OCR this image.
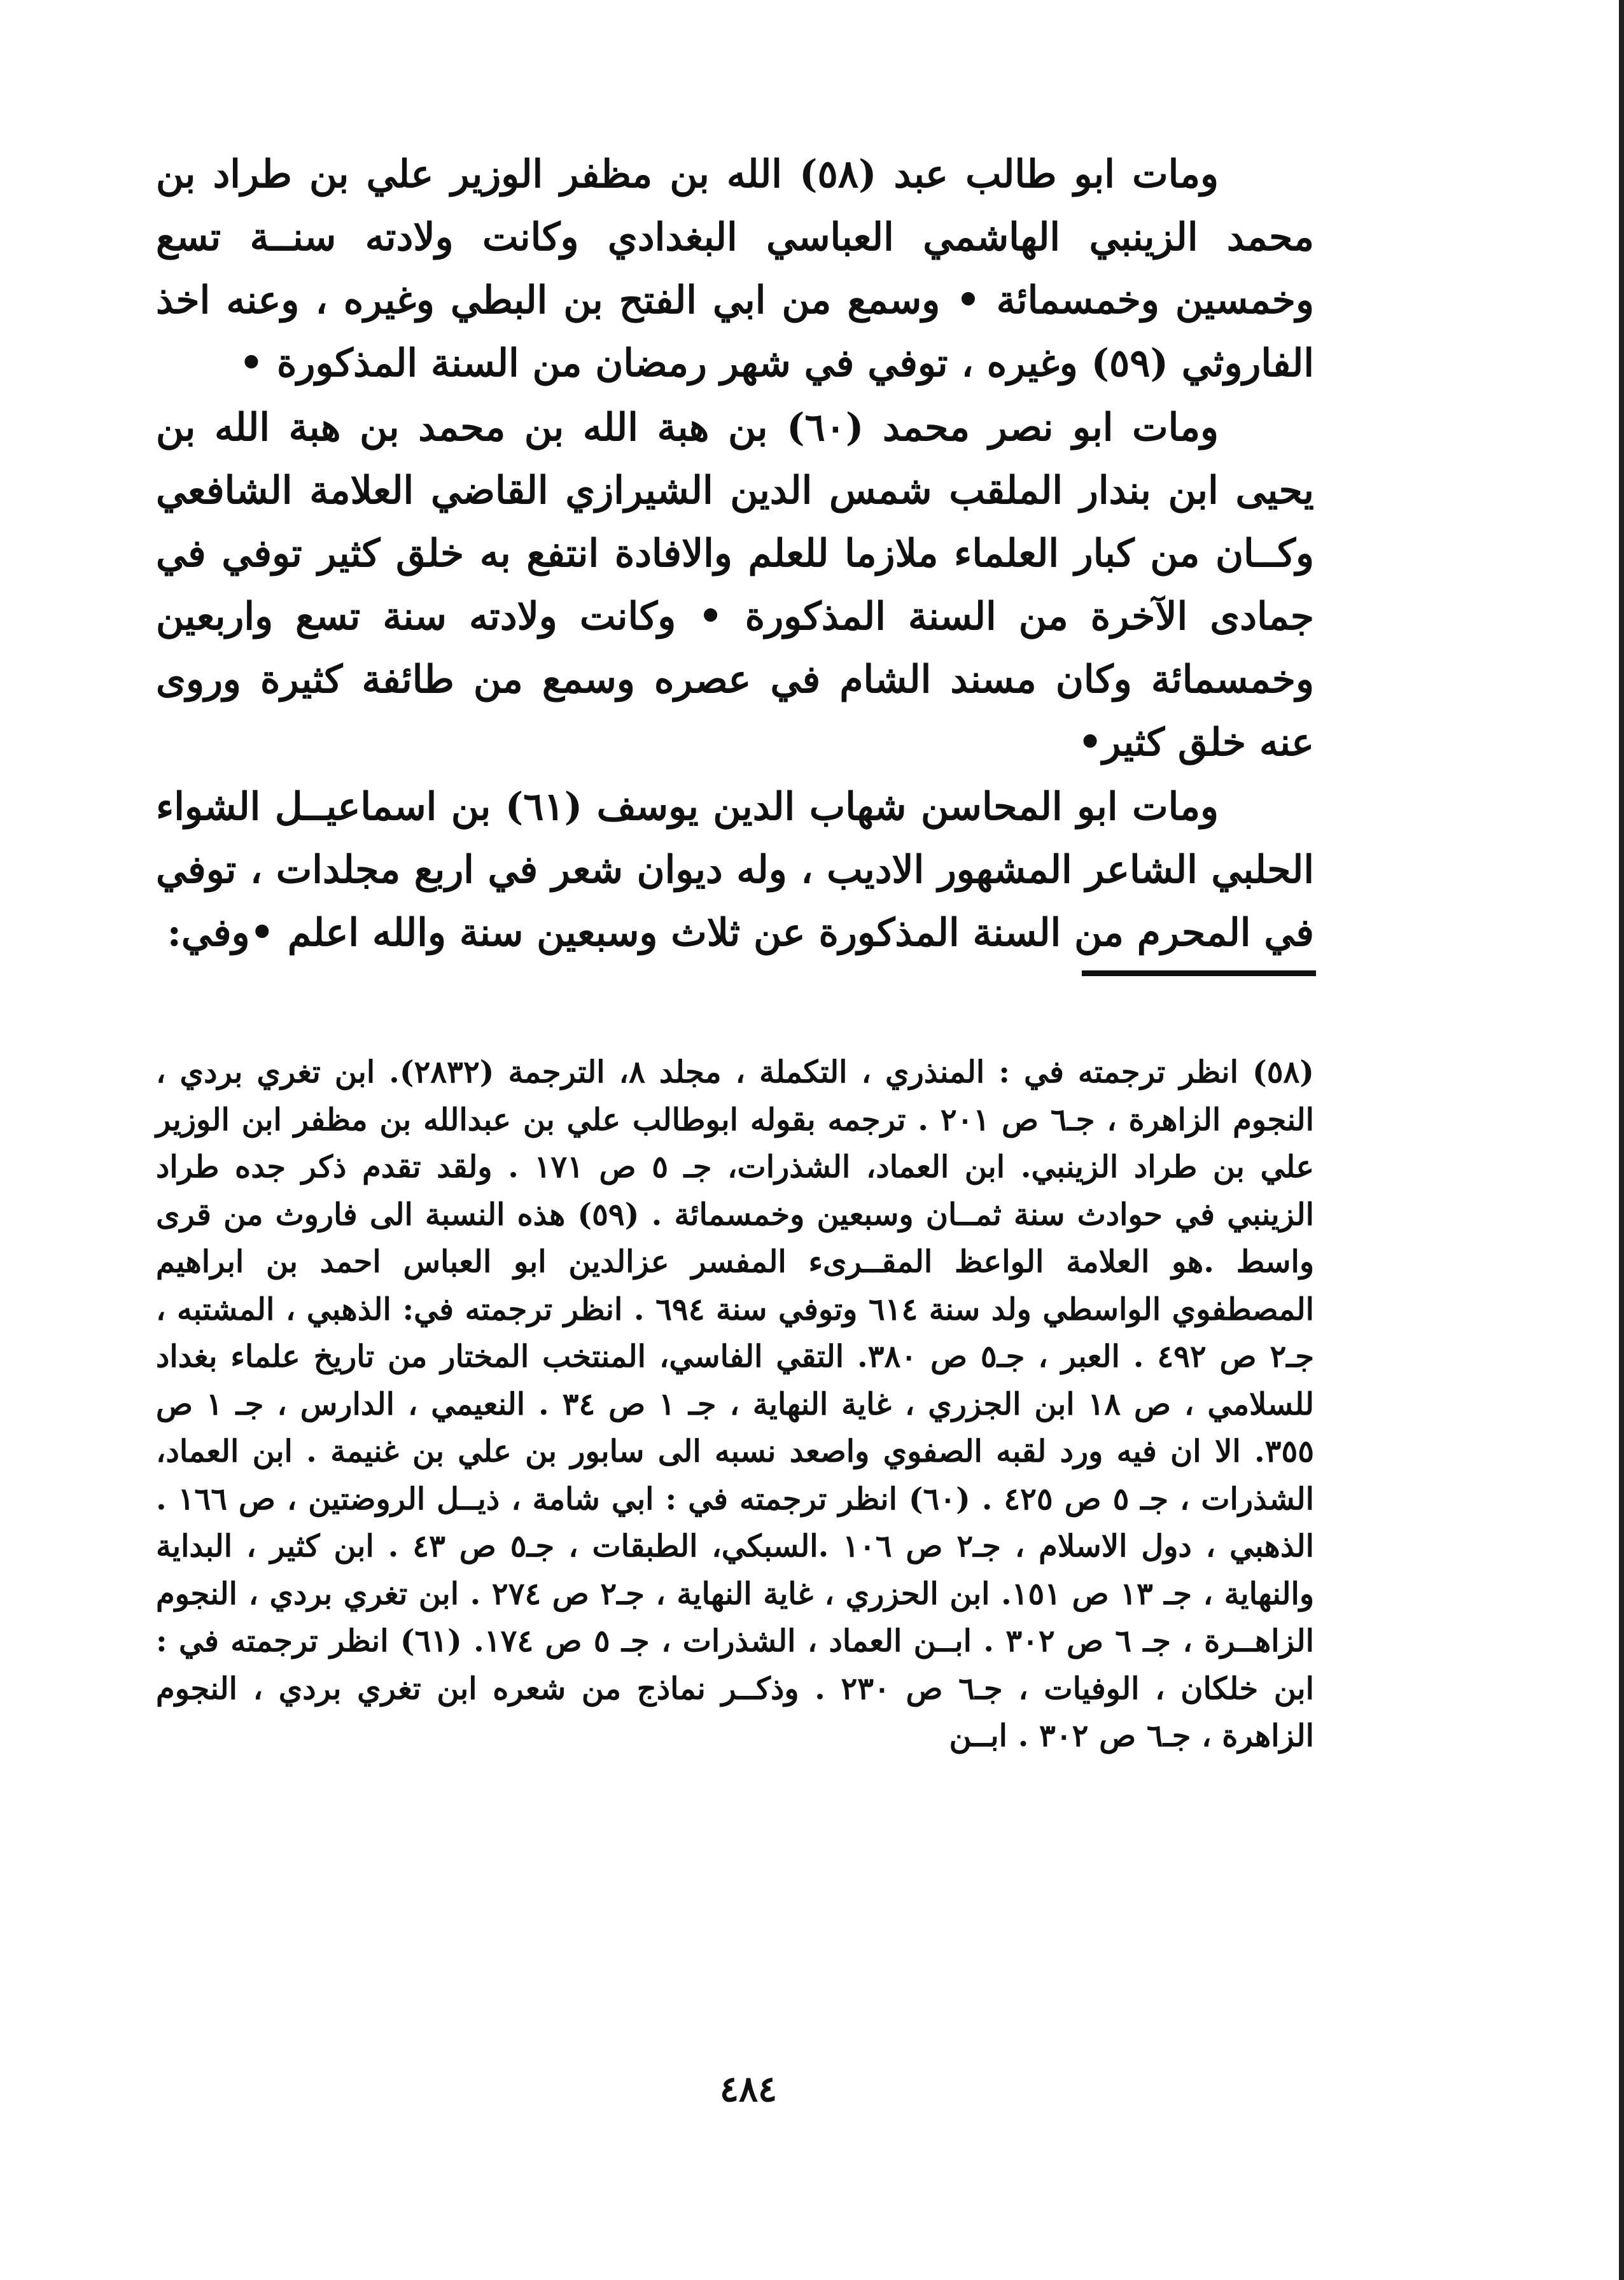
ومات ابو طالب عبد (٥٨) الله بن مظفر الوزير علي بن طراد بن محمد الزينبي الهاشمي العباسي البغدادي وكانت ولادته سنــة تسع وخمسين وخمسمائة • وسمع من ابي الفتح بن البطي وغيره ، وعنه اخذ الفاروثي (٥٩) وغيره ، توفي في شهر رمضان من السنة المذكورة •

ومات ابو نصر محمد (٦٠) بن هبة الله بن محمد بن هبة الله بن يحيى ابن بندار الملقب شمس الدين الشيرازي القاضي العلامة الشافعي وكــان من كبار العلماء ملازما للعلم والافادة انتفع به خلق كثير توفي في جمادى الآخرة من السنة المذكورة • وكانت ولادته سنة تسع واربعين وخمسمائة وكان مسند الشام في عصره وسمع من طائفة كثيرة وروى عنه خلق كثير•

ومات ابو المحاسن شهاب الدين يوسف (٦١) بن اسماعيــل الشواء الحلبي الشاعر المشهور الاديب ، وله ديوان شعر في اربع مجلدات ، توفي في المحرم من السنة المذكورة عن ثلاث وسبعين سنة والله اعلم •وفي:

(٥٨) انظر ترجمته في : المنذري ، التكملة ، مجلد ٨، الترجمة (٢٨٣٢). ابن تغري بردي ، النجوم الزاهرة ، جـ٦ ص ٢٠١ . ترجمه بقوله ابوطالب علي بن عبدالله بن مظفر ابن الوزير علي بن طراد الزينبي. ابن العماد، الشذرات، جـ ٥ ص ١٧١ . ولقد تقدم ذكر جده طراد الزينبي في حوادث سنة ثمــان وسبعين وخمسمائة . (٥٩) هذه النسبة الى فاروث من قرى واسط .هو العلامة الواعظ المقــرىء المفسر عزالدين ابو العباس احمد بن ابراهيم المصطفوي الواسطي ولد سنة ٦١٤ وتوفي سنة ٦٩٤ . انظر ترجمته في: الذهبي ، المشتبه ، جـ٢ ص ٤٩٢ . العبر ، جـ٥ ص ٣٨٠. التقي الفاسي، المنتخب المختار من تاريخ علماء بغداد للسلامي ، ص ١٨ ابن الجزري ، غاية النهاية ، جـ ١ ص ٣٤ . النعيمي ، الدارس ، جـ ١ ص ٣٥٥. الا ان فيه ورد لقبه الصفوي واصعد نسبه الى سابور بن علي بن غنيمة . ابن العماد، الشذرات ، جـ ٥ ص ٤٢٥ . (٦٠) انظر ترجمته في : ابي شامة ، ذيــل الروضتين ، ص ١٦٦ . الذهبي ، دول الاسلام ، جـ٢ ص ١٠٦ .السبكي، الطبقات ، جـ٥ ص ٤٣ . ابن كثير ، البداية والنهاية ، جـ ١٣ ص ١٥١. ابن الحزري ، غاية النهاية ، جـ٢ ص ٢٧٤ . ابن تغري بردي ، النجوم الزاهــرة ، جـ ٦ ص ٣٠٢ . ابــن العماد ، الشذرات ، جـ ٥ ص ١٧٤. (٦١) انظر ترجمته في : ابن خلكان ، الوفيات ، جـ٦ ص ٢٣٠ . وذكــر نماذج من شعره ابن تغري بردي ، النجوم الزاهرة ، جـ٦ ص ٣٠٢ . ابــن

٤٨٤
